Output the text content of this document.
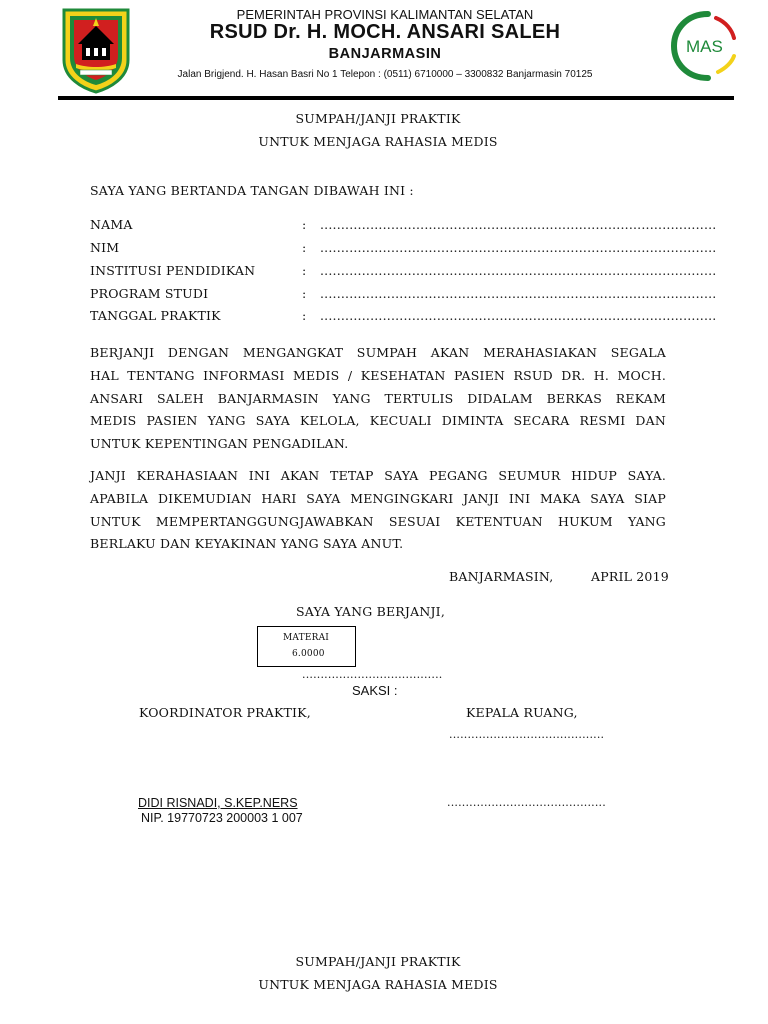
PEMERINTAH PROVINSI KALIMANTAN SELATAN
RSUD Dr. H. MOCH. ANSARI SALEH
BANJARMASIN
Jalan Brigjend. H. Hasan Basri No 1 Telepon : (0511) 6710000 – 3300832 Banjarmasin 70125
MAS
SUMPAH/JANJI PRAKTIK
UNTUK MENJAGA RAHASIA MEDIS
SAYA YANG BERTANDA TANGAN DIBAWAH INI :
NAMA	: ...............................................................................................
NIM	: ...............................................................................................
INSTITUSI PENDIDIKAN	: ...............................................................................................
PROGRAM STUDI	: ...............................................................................................
TANGGAL PRAKTIK	: ...............................................................................................
BERJANJI DENGAN MENGANGKAT SUMPAH AKAN MERAHASIAKAN SEGALA
HAL TENTANG INFORMASI MEDIS / KESEHATAN PASIEN RSUD DR. H. MOCH.
ANSARI SALEH BANJARMASIN YANG TERTULIS DIDALAM BERKAS REKAM
MEDIS PASIEN YANG SAYA KELOLA, KECUALI DIMINTA SECARA RESMI DAN
UNTUK KEPENTINGAN PENGADILAN.
JANJI KERAHASIAAN INI AKAN TETAP SAYA PEGANG SEUMUR HIDUP SAYA.
APABILA DIKEMUDIAN HARI SAYA MENGINGKARI JANJI INI MAKA SAYA SIAP
UNTUK MEMPERTANGGUNGJAWABKAN SESUAI KETENTUAN HUKUM YANG
BERLAKU DAN KEYAKINAN YANG SAYA ANUT.
BANJARMASIN,	APRIL 2019
SAYA YANG BERJANJI,
MATERAI
6.0000
......................................
SAKSI :
KOORDINATOR PRAKTIK,	KEPALA RUANG,
..........................................
DIDI RISNADI, S.KEP.NERS	...........................................
NIP. 19770723 200003 1 007
SUMPAH/JANJI PRAKTIK
UNTUK MENJAGA RAHASIA MEDIS
